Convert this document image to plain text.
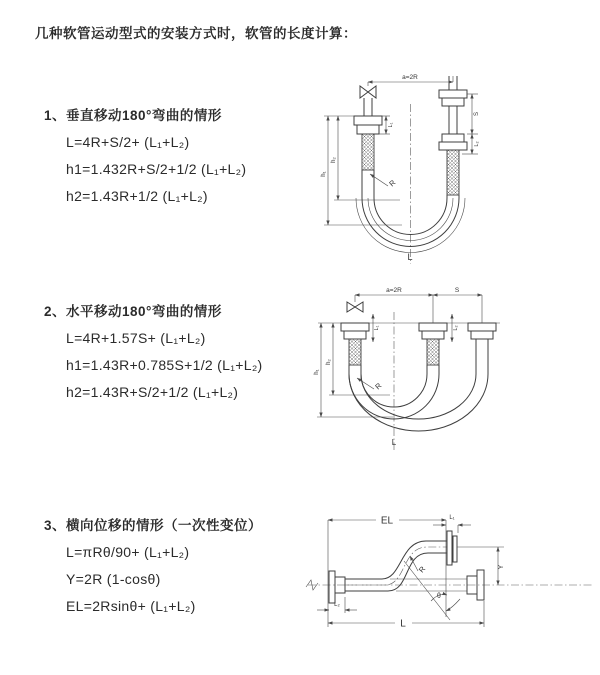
几种软管运动型式的安装方式时，软管的长度计算：
1、垂直移动180°弯曲的情形
L=4R+S/2+ (L₁+L₂)
h1=1.432R+S/2+1/2 (L₁+L₂)
h2=1.43R+1/2 (L₁+L₂)
2、水平移动180°弯曲的情形
L=4R+1.57S+ (L₁+L₂)
h1=1.43R+0.785S+1/2 (L₁+L₂)
h2=1.43R+S/2+1/2 (L₁+L₂)
3、横向位移的情形（一次性变位）
L=πRθ/90+ (L₁+L₂)
Y=2R (1-cosθ)
EL=2Rsinθ+ (L₁+L₂)
a=2R
h₁
h₂
L₁
S
L₂
R
L
a=2R	S
h₁
h₂
L₁	L₂
R
L
EL	L₁
Y
R
θ
L₂
L
